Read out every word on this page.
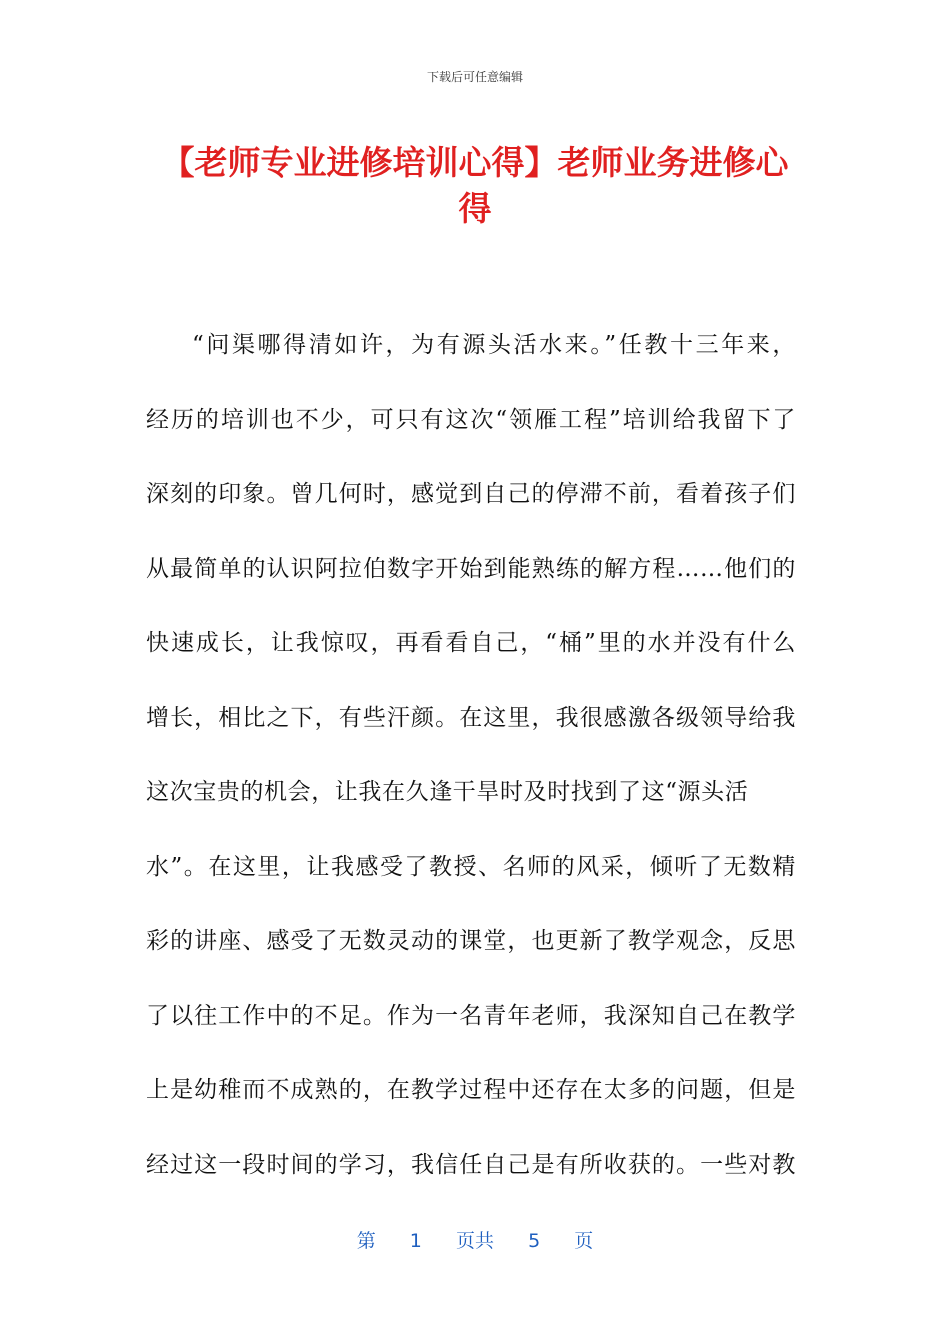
下载后可任意编辑
【老师专业进修培训心得】老师业务进修心
得
“问渠哪得清如许，为有源头活水来。”任教十三年来，
经历的培训也不少，可只有这次“领雁工程”培训给我留下了
深刻的印象。曾几何时，感觉到自己的停滞不前，看着孩子们
从最简单的认识阿拉伯数字开始到能熟练的解方程……他们的
快速成长，让我惊叹，再看看自己，“桶”里的水并没有什么
增长，相比之下，有些汗颜。在这里，我很感激各级领导给我
这次宝贵的机会，让我在久逢干旱时及时找到了这“源头活
水”。在这里，让我感受了教授、名师的风采，倾听了无数精
彩的讲座、感受了无数灵动的课堂，也更新了教学观念，反思
了以往工作中的不足。作为一名青年老师，我深知自己在教学
上是幼稚而不成熟的，在教学过程中还存在太多的问题，但是
经过这一段时间的学习，我信任自己是有所收获的。一些对教
第 1 页共 5 页
